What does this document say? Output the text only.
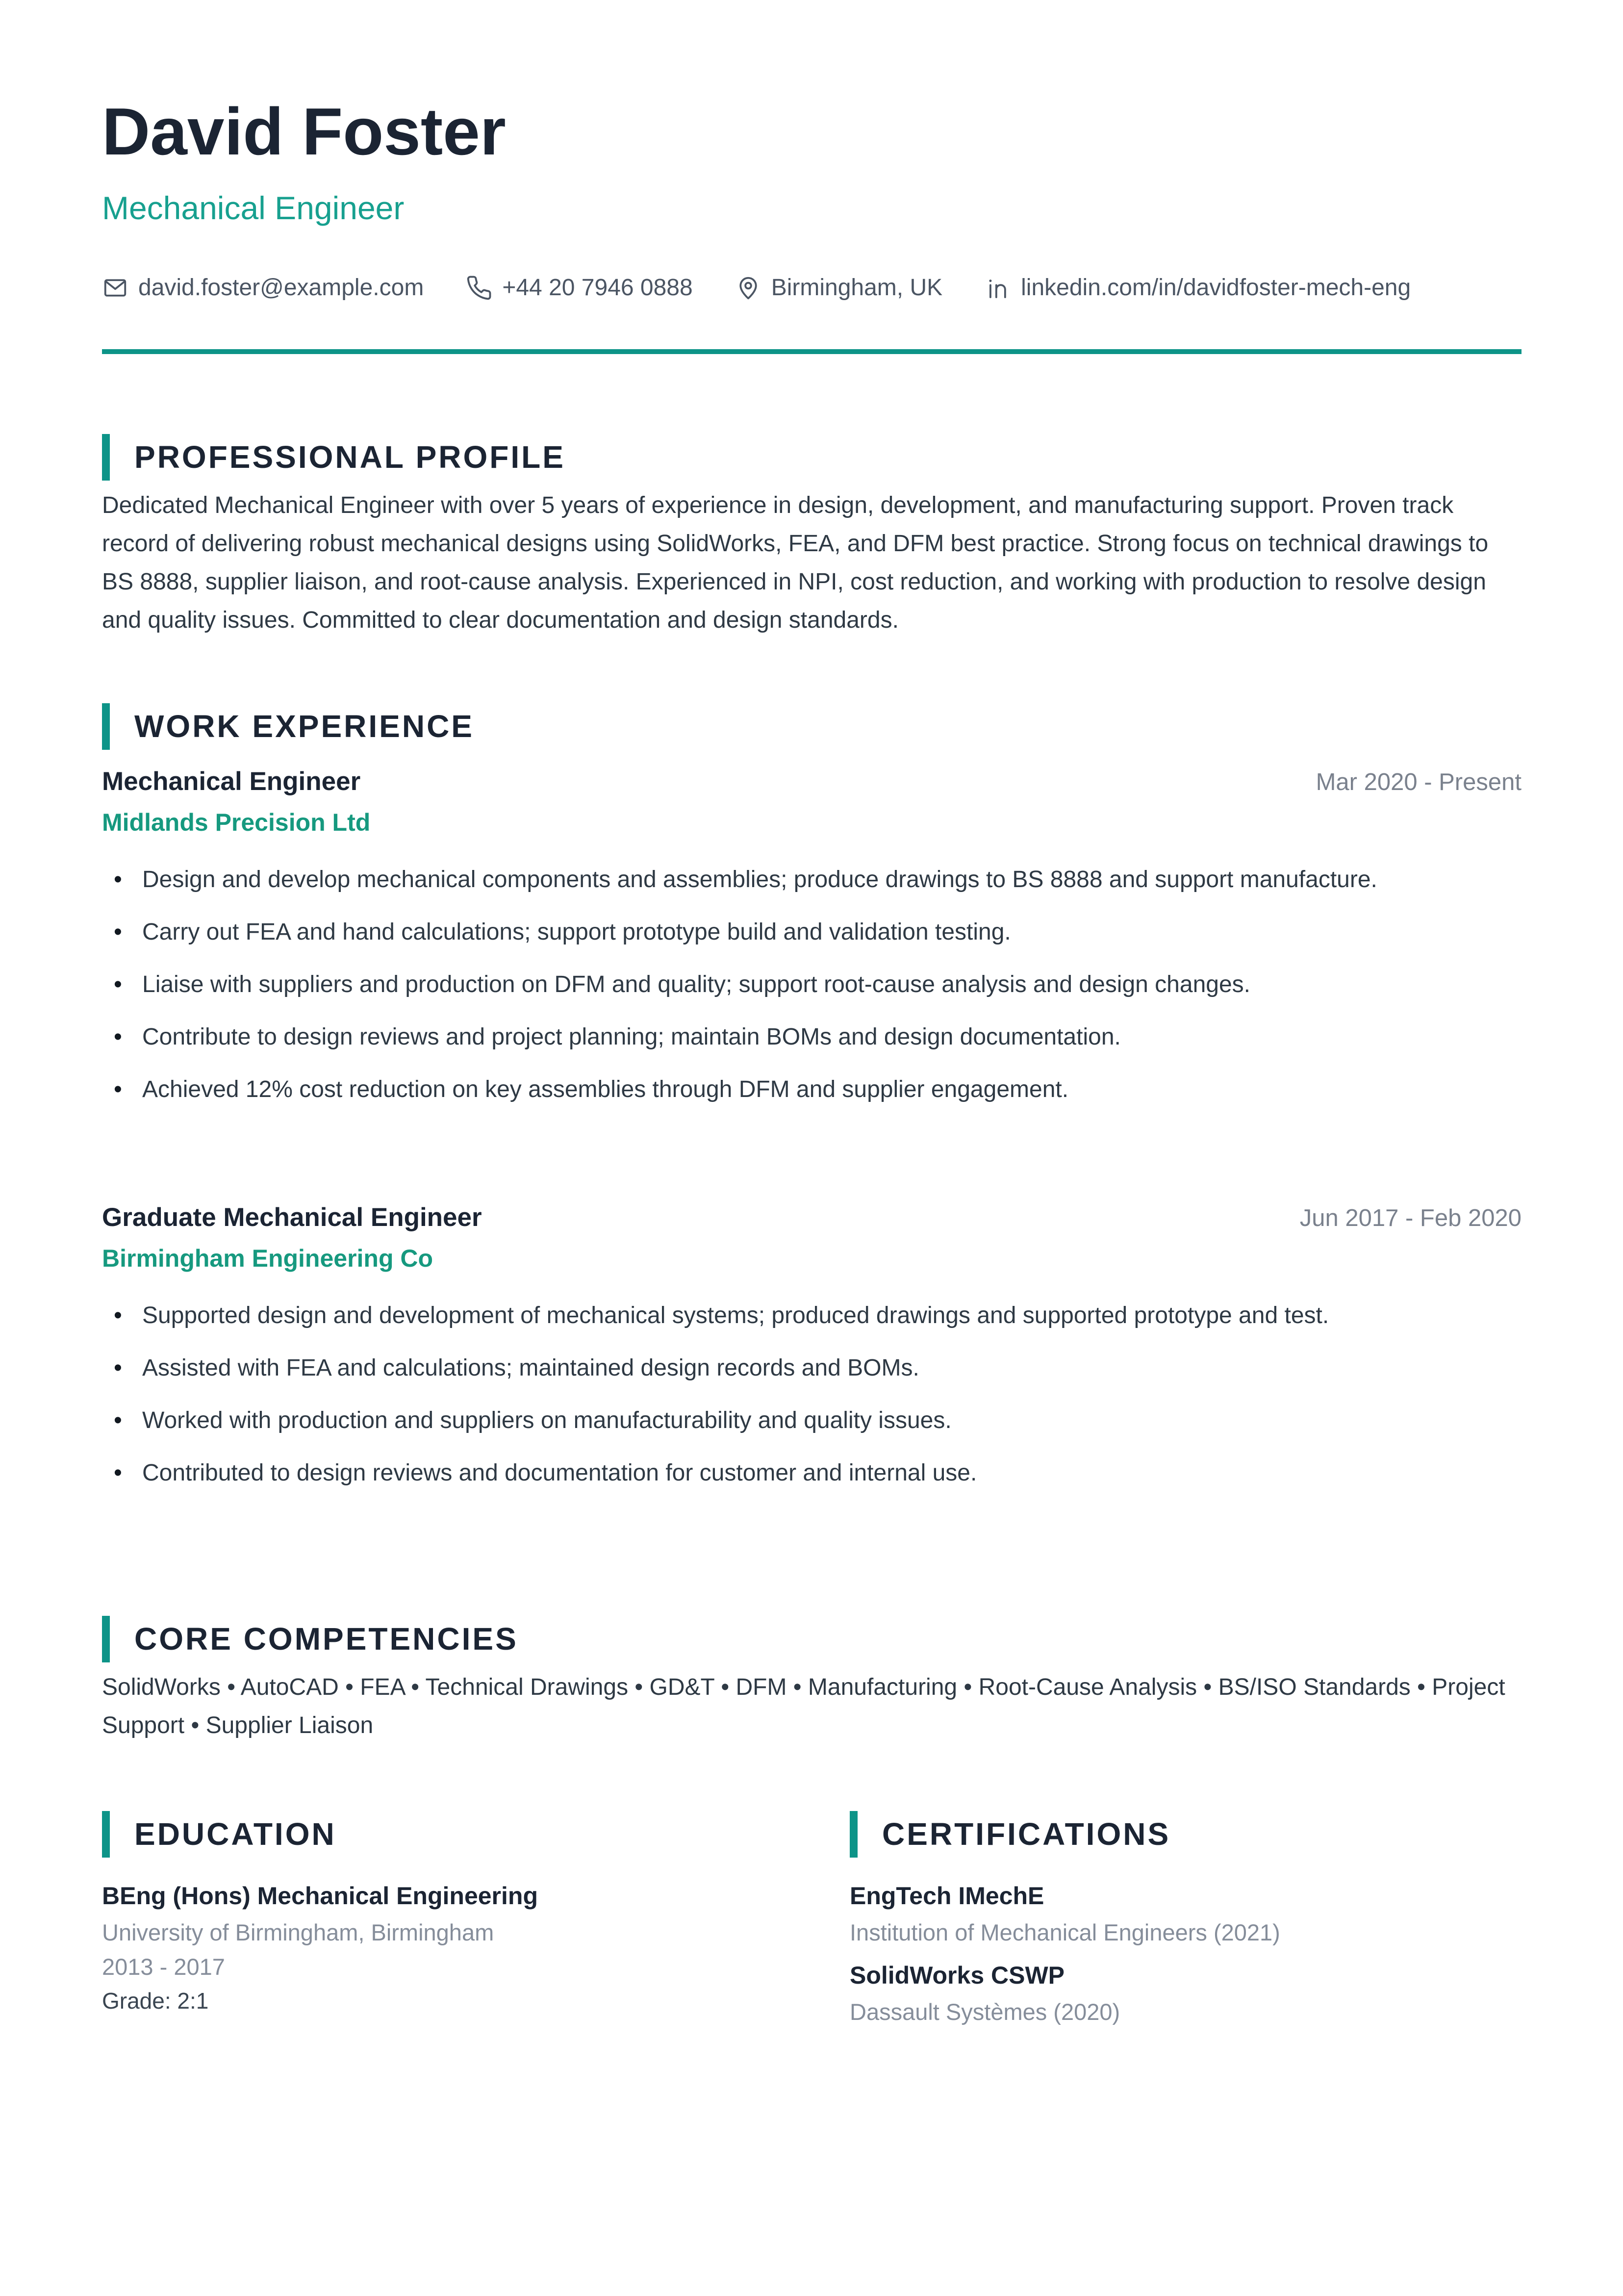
David Foster
Mechanical Engineer
david.foster@example.com	+44 20 7946 0888	Birmingham, UK	linkedin.com/in/davidfoster-mech-eng
PROFESSIONAL PROFILE

Dedicated Mechanical Engineer with over 5 years of experience in design, development, and manufacturing support. Proven track record of delivering robust mechanical designs using SolidWorks, FEA, and DFM best practice. Strong focus on technical drawings to BS 8888, supplier liaison, and root-cause analysis. Experienced in NPI, cost reduction, and working with production to resolve design and quality issues. Committed to clear documentation and design standards.

WORK EXPERIENCE
Mechanical Engineer	Mar 2020 - Present
Midlands Precision Ltd
• Design and develop mechanical components and assemblies; produce drawings to BS 8888 and support manufacture.
• Carry out FEA and hand calculations; support prototype build and validation testing.
• Liaise with suppliers and production on DFM and quality; support root-cause analysis and design changes.
• Contribute to design reviews and project planning; maintain BOMs and design documentation.
• Achieved 12% cost reduction on key assemblies through DFM and supplier engagement.
Graduate Mechanical Engineer	Jun 2017 - Feb 2020
Birmingham Engineering Co
• Supported design and development of mechanical systems; produced drawings and supported prototype and test.
• Assisted with FEA and calculations; maintained design records and BOMs.
• Worked with production and suppliers on manufacturability and quality issues.
• Contributed to design reviews and documentation for customer and internal use.
CORE COMPETENCIES

SolidWorks • AutoCAD • FEA • Technical Drawings • GD&T • DFM • Manufacturing • Root-Cause Analysis • BS/ISO Standards • Project Support • Supplier Liaison

EDUCATION
BEng (Hons) Mechanical Engineering
University of Birmingham, Birmingham
2013 - 2017
Grade: 2:1
CERTIFICATIONS
EngTech IMechE
Institution of Mechanical Engineers (2021)
SolidWorks CSWP
Dassault Systèmes (2020)
